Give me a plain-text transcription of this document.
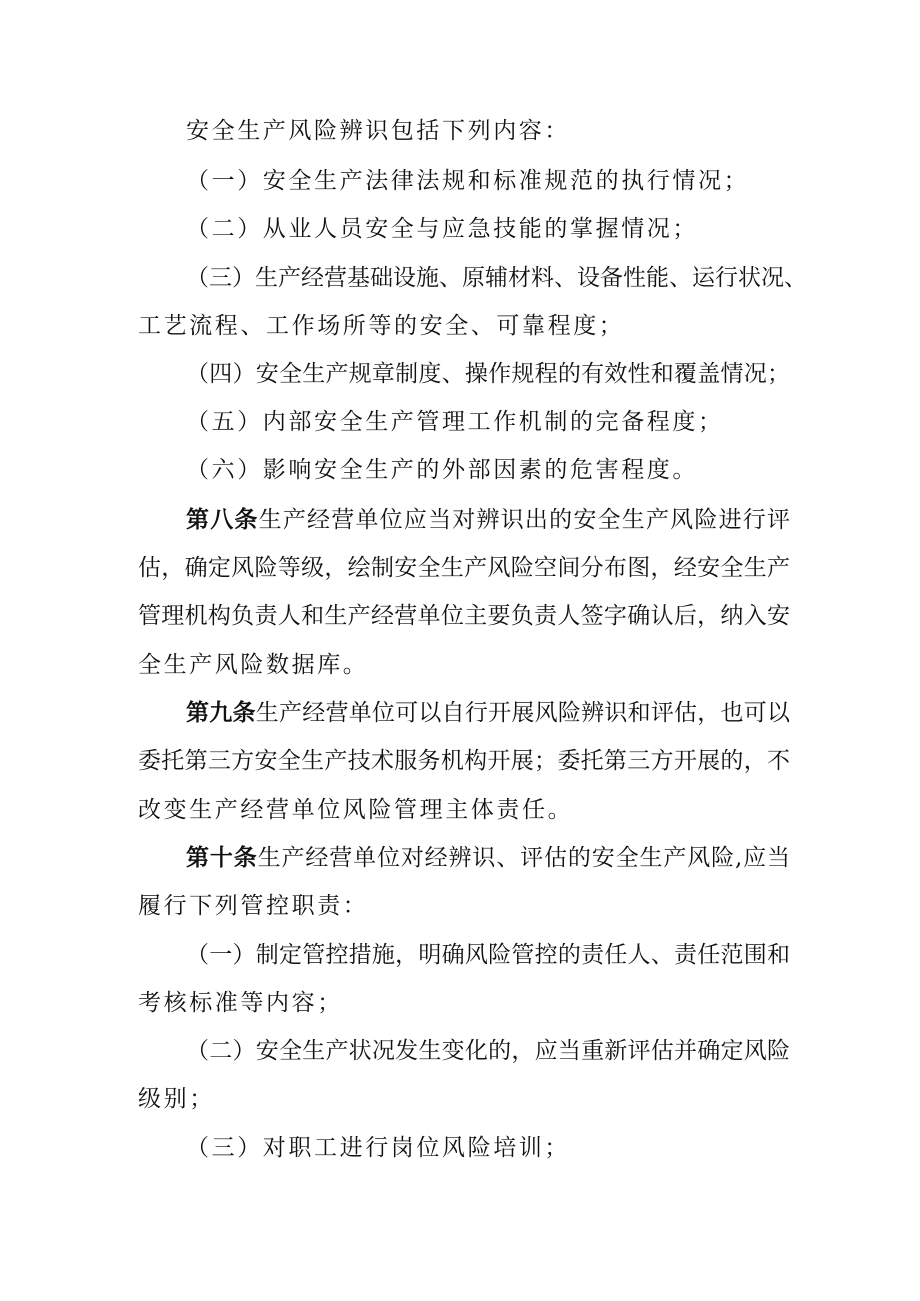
安全生产风险辨识包括下列内容：
（一）安全生产法律法规和标准规范的执行情况；
（二）从业人员安全与应急技能的掌握情况；
（三）生产经营基础设施、原辅材料、设备性能、运行状况、
工艺流程、工作场所等的安全、可靠程度；
（四）安全生产规章制度、操作规程的有效性和覆盖情况；
（五）内部安全生产管理工作机制的完备程度；
（六）影响安全生产的外部因素的危害程度。
第八条生产经营单位应当对辨识出的安全生产风险进行评
估，确定风险等级，绘制安全生产风险空间分布图，经安全生产
管理机构负责人和生产经营单位主要负责人签字确认后，纳入安
全生产风险数据库。
第九条生产经营单位可以自行开展风险辨识和评估，也可以
委托第三方安全生产技术服务机构开展；委托第三方开展的，不
改变生产经营单位风险管理主体责任。
第十条生产经营单位对经辨识、评估的安全生产风险,应当
履行下列管控职责：
（一）制定管控措施，明确风险管控的责任人、责任范围和
考核标准等内容；
（二）安全生产状况发生变化的，应当重新评估并确定风险
级别；
（三）对职工进行岗位风险培训；
